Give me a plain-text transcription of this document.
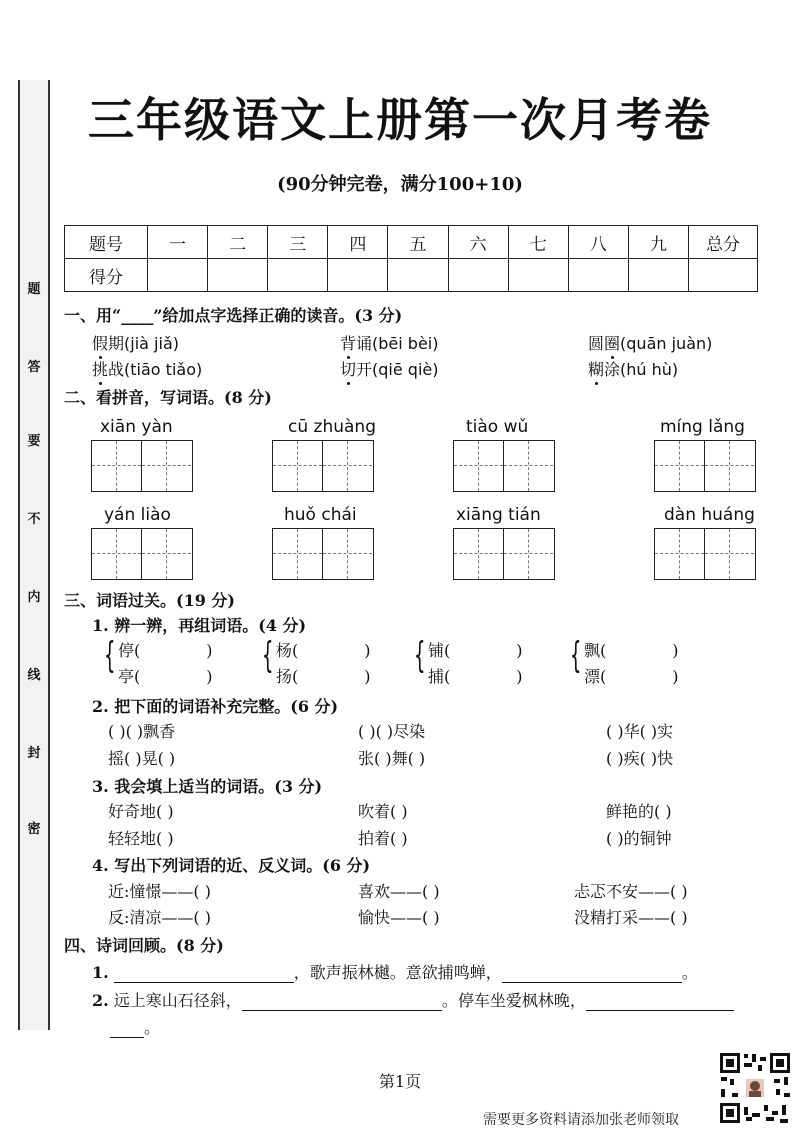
题
答
要
不
内
线
封
密
三年级语文上册第一次月考卷
(90分钟完卷，满分100+10)
题号	一	二	三	四	五	六	七	八	九	总分
得分										
一、用“____”给加点字选择正确的读音。(3 分)
假期(jià jiǎ)	背诵(bēi bèi)	圆圈(quān juàn)
挑战(tiāo tiǎo)	切开(qiē qiè)	糊涂(hú hù)
二、看拼音，写词语。(8 分)
xiān yàn	cū zhuàng	tiào wǔ	míng lǎng
yán liào	huǒ chái	xiāng tián	dàn huáng
三、词语过关。(19 分)
1. 辨一辨，再组词语。(4 分)
{ 停(	)
亭(	)
{ 杨(	)
扬(	)
{ 铺(	)
捕(	)
{ 飘(	)
漂(	)
2. 把下面的词语补充完整。(6 分)
( )( )飘香	( )( )尽染	( )华( )实
摇( )晃( )	张( )舞( )	( )疾( )快
3. 我会填上适当的词语。(3 分)
好奇地( )	吹着( )	鲜艳的( )
轻轻地( )	拍着( )	( )的铜钟
4. 写出下列词语的近、反义词。(6 分)
近:憧憬——( )	喜欢——( )	忐忑不安——( )
反:清凉——( )	愉快——( )	没精打采——( )
四、诗词回顾。(8 分)
1.	，歌声振林樾。意欲捕鸣蝉，	。
2. 远上寒山石径斜，	。停车坐爱枫林晚，
。
第1页
需要更多资料请添加张老师领取
